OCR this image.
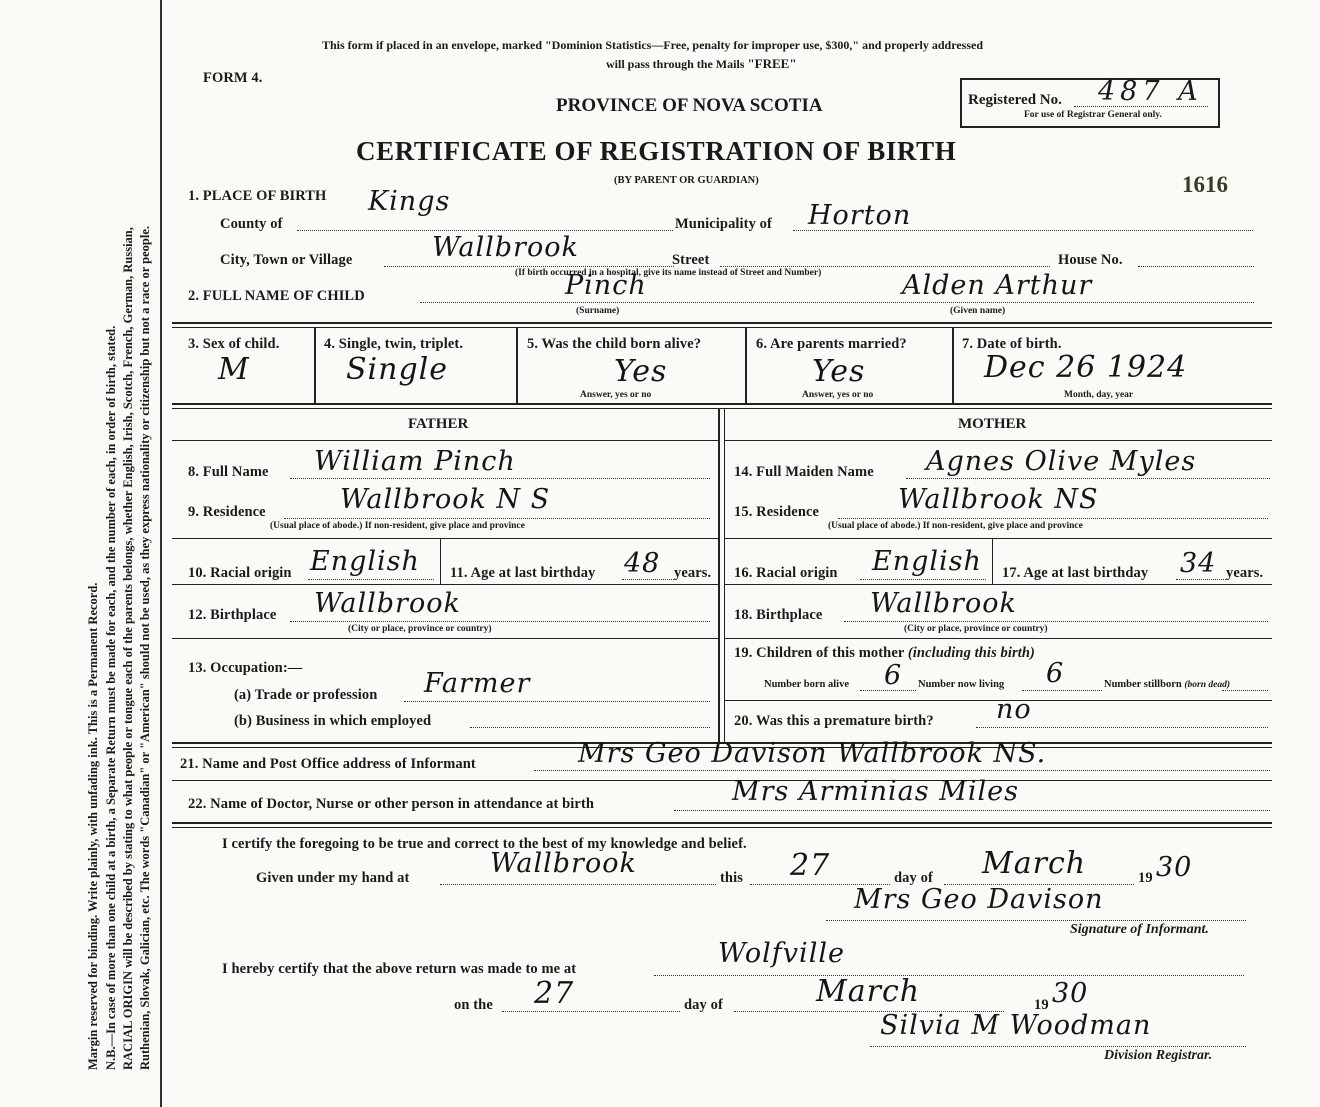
Margin reserved for binding. Write plainly, with unfading ink. This is a Permanent Record. N.B.—In case of more than one child at a birth, a Separate Return must be made for each, and the number of each, in order of birth, stated. RACIAL ORIGIN will be described by stating to what people or tongue each of the parents belongs, whether English, Irish, Scotch, French, German, Russian, Ruthenian, Slovak, Galician, etc. The words "Canadian" or "American" should not be used, as they express nationality or citizenship but not a race or people.
This form if placed in an envelope, marked "Dominion Statistics—Free, penalty for improper use, $300," and properly addressed
will pass through the Mails "FREE"
FORM 4.
PROVINCE OF NOVA SCOTIA
CERTIFICATE OF REGISTRATION OF BIRTH
(BY PARENT OR GUARDIAN)
Registered No. 487 A
For use of Registrar General only.
1616
1. PLACE OF BIRTH
County of
Kings
Municipality of Horton
City, Town or Village	Wallbrook	Street	House No.
(If birth occurred in a hospital, give its name instead of Street and Number)
2. FULL NAME OF CHILD	Pinch
(Surname)
Alden Arthur
(Given name)
3. Sex of child.
M
4. Single, twin, triplet.
Single
5. Was the child born alive?
Yes
Answer, yes or no
6. Are parents married?
Yes
Answer, yes or no
7. Date of birth.
Dec 26 1924
Month, day, year
FATHER	MOTHER
8. Full Name William Pinch
9. Residence	Wallbrook N S
(Usual place of abode.) If non-resident, give place and province
14. Full Maiden Name Agnes Olive Myles
15. Residence	Wallbrook NS
(Usual place of abode.) If non-resident, give place and province
10. Racial origin English 11. Age at last birthday 48 years. 16. Racial origin English 17. Age at last birthday 34 years.
12. Birthplace Wallbrook
(City or place, province or country)
18. Birthplace Wallbrook
(City or place, province or country)
13. Occupation:—
(a) Trade or profession Farmer
(b) Business in which employed
19. Children of this mother (including this birth)
Number born alive 6 Number now living 6	Number stillborn (born dead)
20. Was this a premature birth? no
21. Name and Post Office address of Informant	Mrs Geo Davison Wallbrook NS.
22. Name of Doctor, Nurse or other person in attendance at birth	Mrs Arminias Miles
I certify the foregoing to be true and correct to the best of my knowledge and belief.
Given under my hand at	Wallbrook	this 27	day of March	19 30
Mrs Geo Davison
Signature of Informant.
I hereby certify that the above return was made to me at	Wolfville
on the 27	day of	March	19 30
Silvia M Woodman
Division Registrar.
